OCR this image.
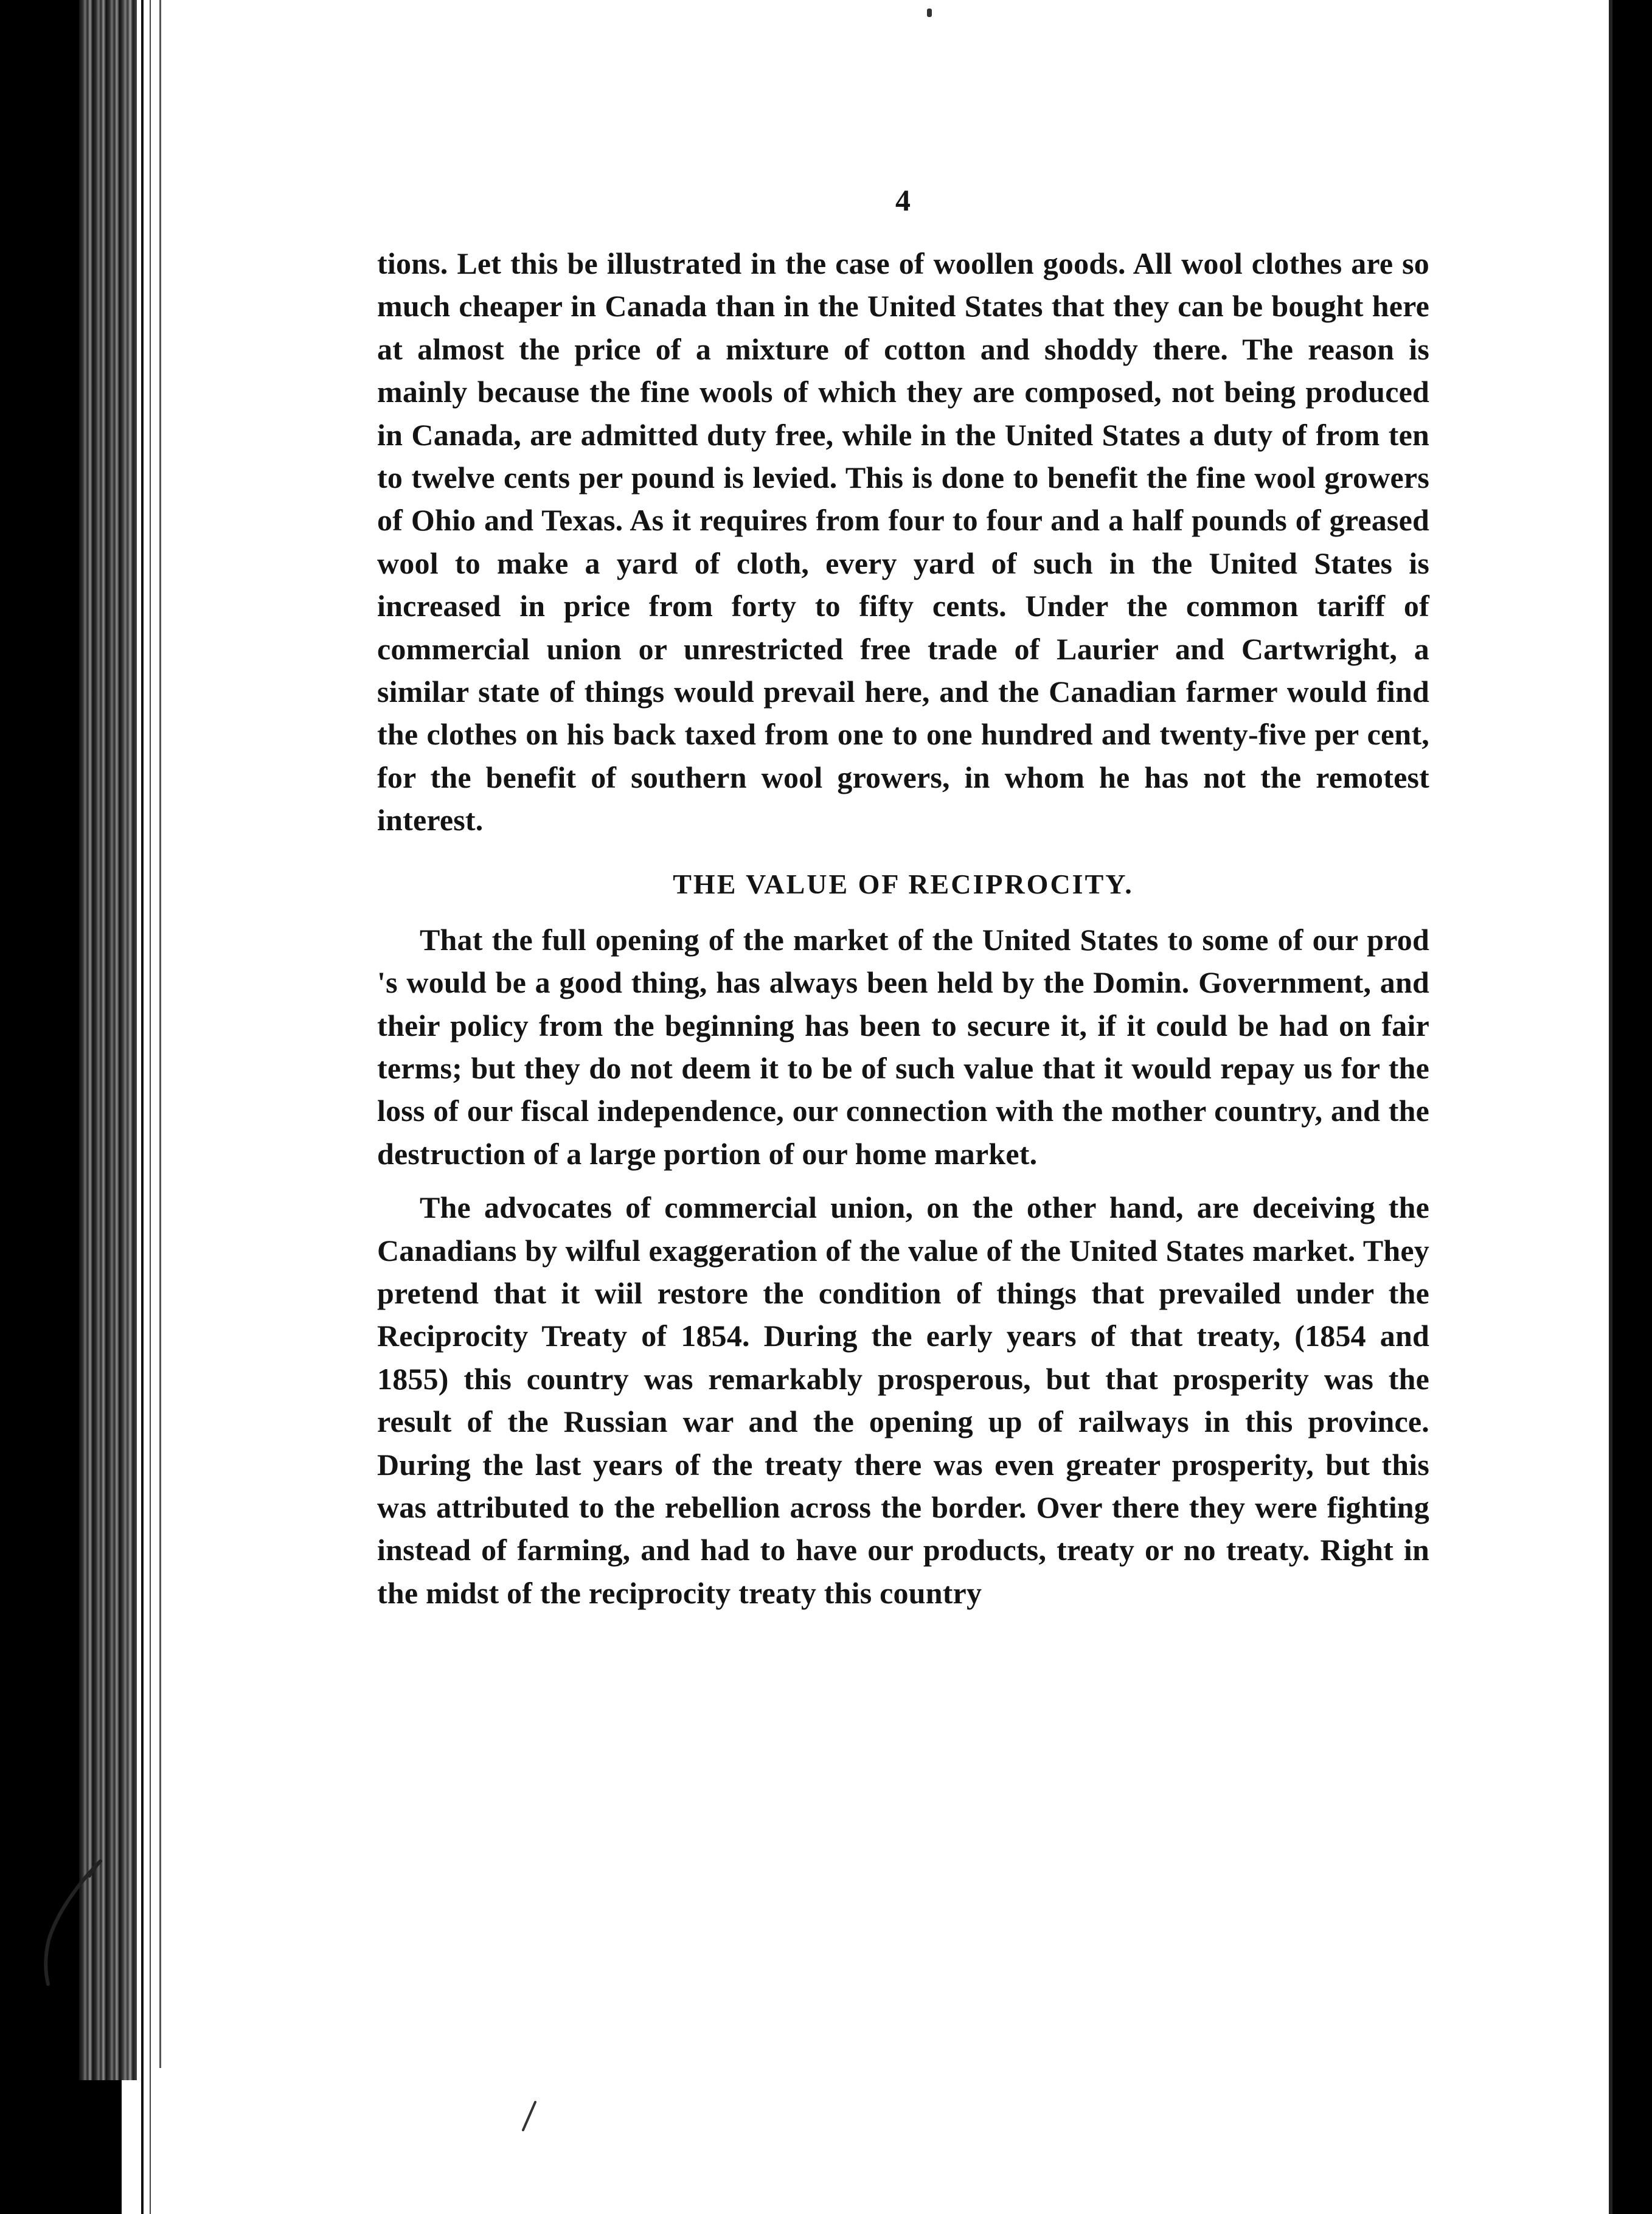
4

tions. Let this be illustrated in the case of woollen goods. All wool clothes are so much cheaper in Canada than in the United States that they can be bought here at almost the price of a mixture of cotton and shoddy there. The reason is mainly because the fine wools of which they are composed, not being produced in Canada, are admitted duty free, while in the United States a duty of from ten to twelve cents per pound is levied. This is done to benefit the fine wool growers of Ohio and Texas. As it requires from four to four and a half pounds of greased wool to make a yard of cloth, every yard of such in the United States is increased in price from forty to fifty cents. Under the common tariff of commercial union or unrestricted free trade of Laurier and Cartwright, a similar state of things would prevail here, and the Canadian farmer would find the clothes on his back taxed from one to one hundred and twenty-five per cent, for the benefit of southern wool growers, in whom he has not the remotest interest.

THE VALUE OF RECIPROCITY.

That the full opening of the market of the United States to some of our prod 's would be a good thing, has always been held by the Domin. Government, and their policy from the beginning has been to secure it, if it could be had on fair terms; but they do not deem it to be of such value that it would repay us for the loss of our fiscal independence, our connection with the mother country, and the destruction of a large portion of our home market.

The advocates of commercial union, on the other hand, are deceiving the Canadians by wilful exaggeration of the value of the United States market. They pretend that it wiil restore the condition of things that prevailed under the Reciprocity Treaty of 1854. During the early years of that treaty, (1854 and 1855) this country was remarkably prosperous, but that prosperity was the result of the Russian war and the opening up of railways in this province. During the last years of the treaty there was even greater prosperity, but this was attributed to the rebellion across the border. Over there they were fighting instead of farming, and had to have our products, treaty or no treaty. Right in the midst of the reciprocity treaty this country
